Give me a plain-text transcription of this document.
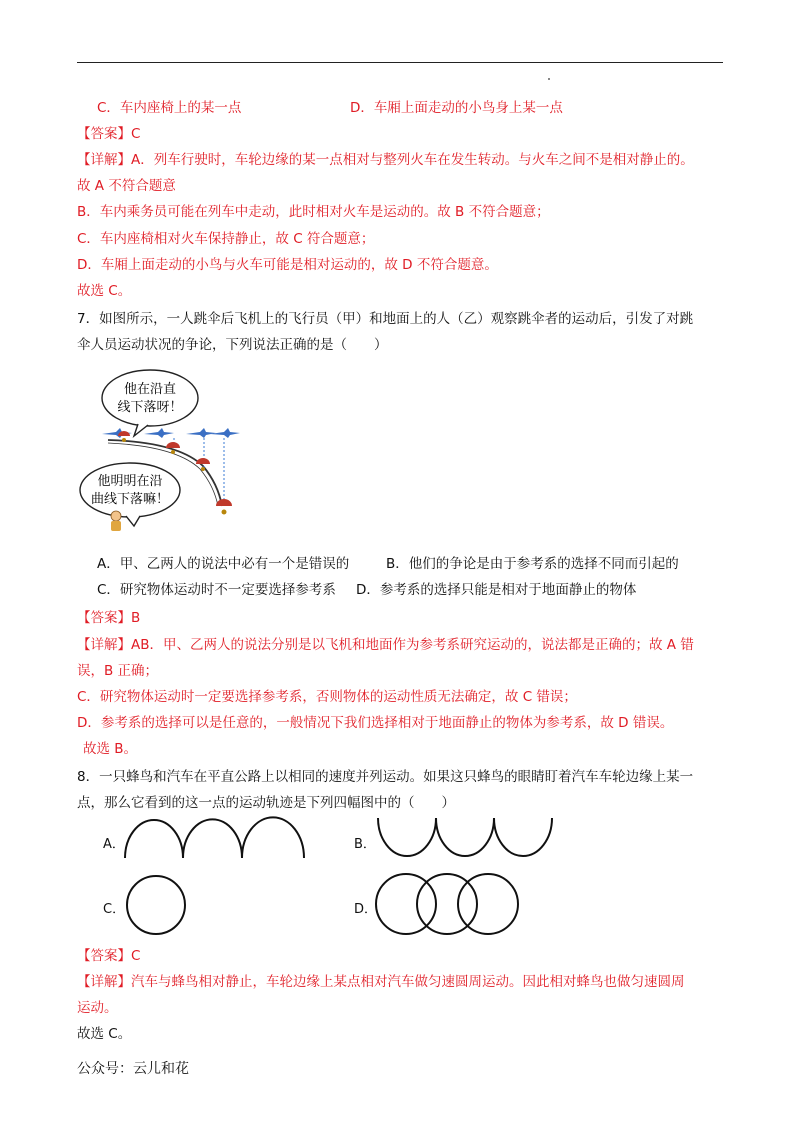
C．车内座椅上的某一点	D．车厢上面走动的小鸟身上某一点
【答案】C
【详解】A．列车行驶时，车轮边缘的某一点相对与整列火车在发生转动。与火车之间不是相对静止的。
故 A 不符合题意
B．车内乘务员可能在列车中走动，此时相对火车是运动的。故 B 不符合题意；
C．车内座椅相对火车保持静止，故 C 符合题意；
D．车厢上面走动的小鸟与火车可能是相对运动的，故 D 不符合题意。
故选 C。
7．如图所示，一人跳伞后飞机上的飞行员（甲）和地面上的人（乙）观察跳伞者的运动后，引发了对跳
伞人员运动状况的争论，下列说法正确的是（　　）
他在沿直
线下落呀！
他明明在沿
曲线下落嘛！
A．甲、乙两人的说法中必有一个是错误的	B．他们的争论是由于参考系的选择不同而引起的
C．研究物体运动时不一定要选择参考系 D．参考系的选择只能是相对于地面静止的物体
【答案】B
【详解】AB．甲、乙两人的说法分别是以飞机和地面作为参考系研究运动的，说法都是正确的；故 A 错
误，B 正确；
C．研究物体运动时一定要选择参考系，否则物体的运动性质无法确定，故 C 错误；
D．参考系的选择可以是任意的，一般情况下我们选择相对于地面静止的物体为参考系，故 D 错误。
故选 B。
8．一只蜂鸟和汽车在平直公路上以相同的速度并列运动。如果这只蜂鸟的眼睛盯着汽车车轮边缘上某一
点，那么它看到的这一点的运动轨迹是下列四幅图中的（　　）
A．	B．
C．	D．
【答案】C
【详解】汽车与蜂鸟相对静止，车轮边缘上某点相对汽车做匀速圆周运动。因此相对蜂鸟也做匀速圆周
运动。
故选 C。
公众号：云儿和花
